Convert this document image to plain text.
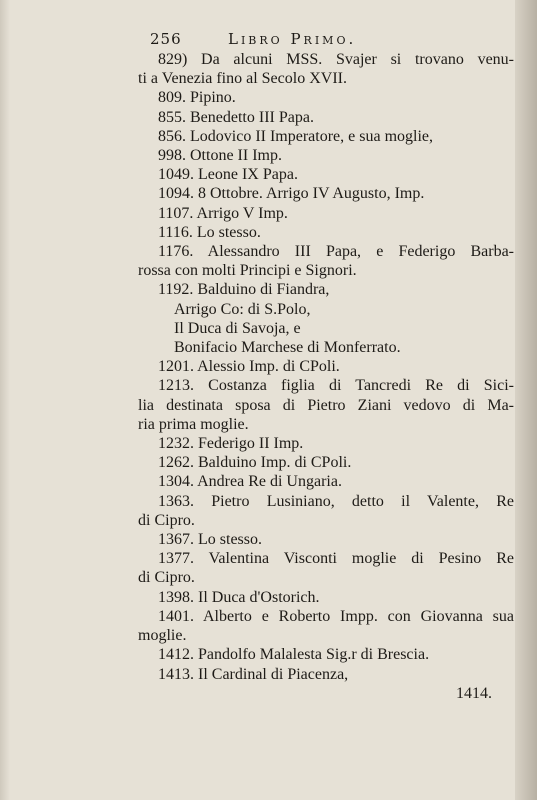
256	Libro Primo.
829) Da alcuni MSS. Svajer si trovano venu-
ti a Venezia fino al Secolo XVII.
809. Pipino.
855. Benedetto III Papa.
856. Lodovico II Imperatore, e sua moglie,
998. Ottone II Imp.
1049. Leone IX Papa.
1094. 8 Ottobre. Arrigo IV Augusto, Imp.
1107. Arrigo V Imp.
1116. Lo stesso.
1176. Alessandro III Papa, e Federigo Barba-
rossa con molti Principi e Signori.
1192. Balduino di Fiandra,
Arrigo Co: di S.Polo,
Il Duca di Savoja, e
Bonifacio Marchese di Monferrato.
1201. Alessio Imp. di CPoli.
1213. Costanza figlia di Tancredi Re di Sici-
lia destinata sposa di Pietro Ziani vedovo di Ma-
ria prima moglie.
1232. Federigo II Imp.
1262. Balduino Imp. di CPoli.
1304. Andrea Re di Ungaria.
1363. Pietro Lusiniano, detto il Valente, Re
di Cipro.
1367. Lo stesso.
1377. Valentina Visconti moglie di Pesino Re
di Cipro.
1398. Il Duca d'Ostorich.
1401. Alberto e Roberto Impp. con Giovanna sua
moglie.
1412. Pandolfo Malalesta Sig.r di Brescia.
1413. Il Cardinal di Piacenza,
1414.
